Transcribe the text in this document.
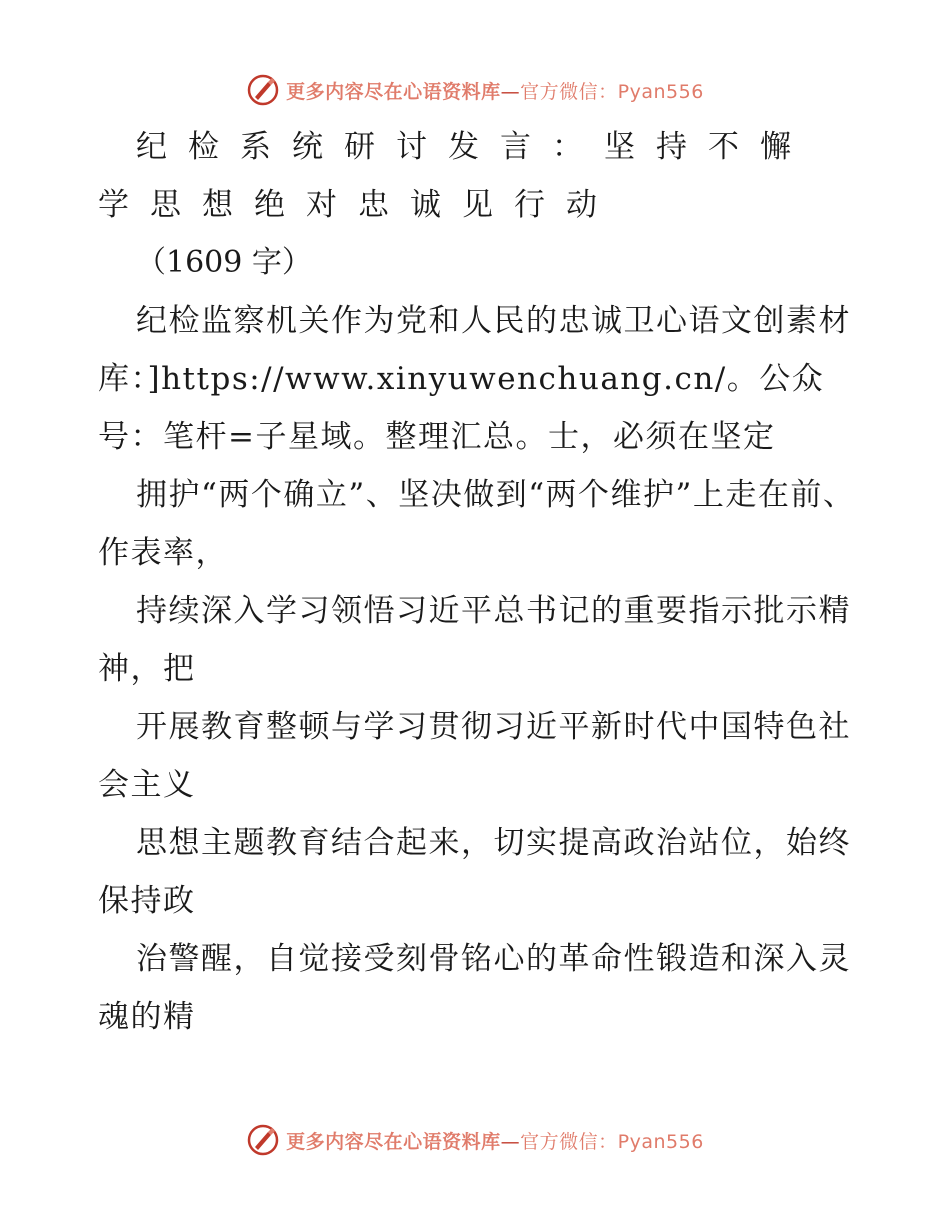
更多内容尽在心语资料库—官方微信：Pyan556
纪检系统研讨发言：坚持不懈学思想绝对忠诚见行动
（1609 字）

纪检监察机关作为党和人民的忠诚卫心语文创素材库：]https://www.xinyuwenchuang.cn/。公众号：笔杆=子星域。整理汇总。士，必须在坚定

拥护“两个确立”、坚决做到“两个维护”上走在前、作表率，

持续深入学习领悟习近平总书记的重要指示批示精神，把

开展教育整顿与学习贯彻习近平新时代中国特色社会主义

思想主题教育结合起来，切实提高政治站位，始终保持政

治警醒，自觉接受刻骨铭心的革命性锻造和深入灵魂的精

更多内容尽在心语资料库—官方微信：Pyan556
